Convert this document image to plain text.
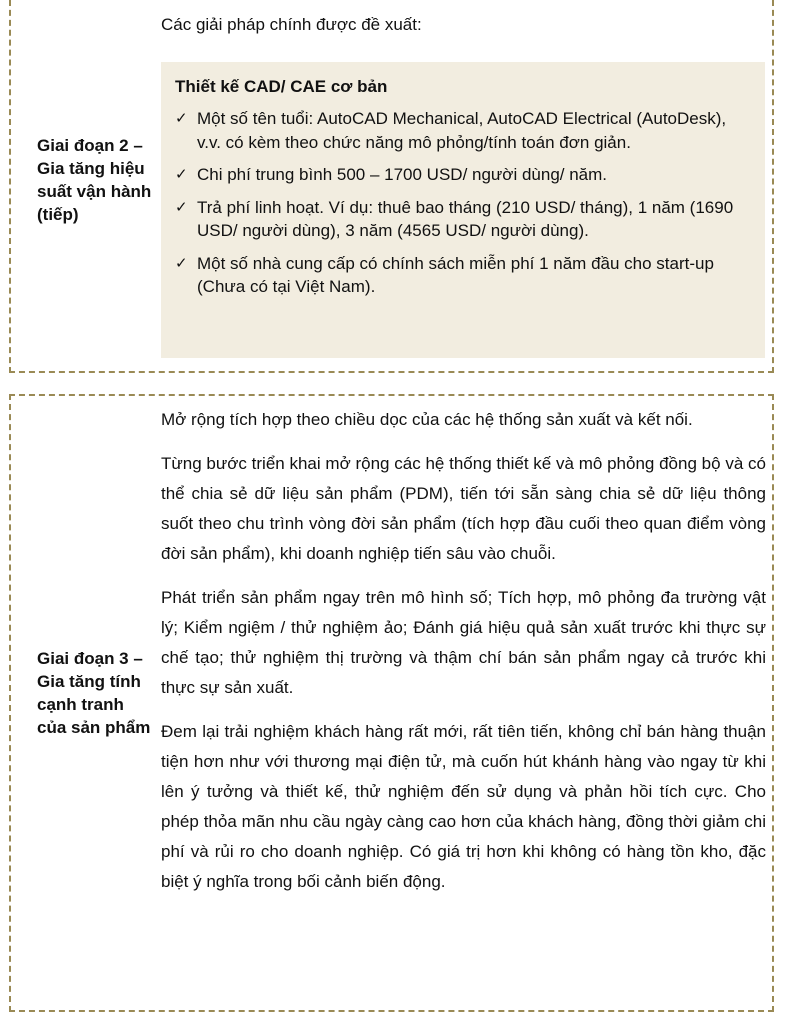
Giai đoạn 2 – Gia tăng hiệu suất vận hành (tiếp)
Các giải pháp chính được đề xuất:
Thiết kế CAD/ CAE cơ bản
✓ Một số tên tuổi: AutoCAD Mechanical, AutoCAD Electrical (AutoDesk), v.v. có kèm theo chức năng mô phỏng/tính toán đơn giản.
✓ Chi phí trung bình 500 – 1700 USD/ người dùng/ năm.
✓ Trả phí linh hoạt. Ví dụ: thuê bao tháng (210 USD/ tháng), 1 năm (1690 USD/ người dùng), 3 năm (4565 USD/ người dùng).
✓ Một số nhà cung cấp có chính sách miễn phí 1 năm đầu cho start-up (Chưa có tại Việt Nam).
Giai đoạn 3 – Gia tăng tính cạnh tranh của sản phẩm

Mở rộng tích hợp theo chiều dọc của các hệ thống sản xuất và kết nối.

Từng bước triển khai mở rộng các hệ thống thiết kế và mô phỏng đồng bộ và có thể chia sẻ dữ liệu sản phẩm (PDM), tiến tới sẵn sàng chia sẻ dữ liệu thông suốt theo chu trình vòng đời sản phẩm (tích hợp đầu cuối theo quan điểm vòng đời sản phẩm), khi doanh nghiệp tiến sâu vào chuỗi.

Phát triển sản phẩm ngay trên mô hình số; Tích hợp, mô phỏng đa trường vật lý; Kiểm ngiệm / thử nghiệm ảo; Đánh giá hiệu quả sản xuất trước khi thực sự chế tạo; thử nghiệm thị trường và thậm chí bán sản phẩm ngay cả trước khi thực sự sản xuất.

Đem lại trải nghiệm khách hàng rất mới, rất tiên tiến, không chỉ bán hàng thuận tiện hơn như với thương mại điện tử, mà cuốn hút khánh hàng vào ngay từ khi lên ý tưởng và thiết kế, thử nghiệm đến sử dụng và phản hồi tích cực. Cho phép thỏa mãn nhu cầu ngày càng cao hơn của khách hàng, đồng thời giảm chi phí và rủi ro cho doanh nghiệp. Có giá trị hơn khi không có hàng tồn kho, đặc biệt ý nghĩa trong bối cảnh biến động.
